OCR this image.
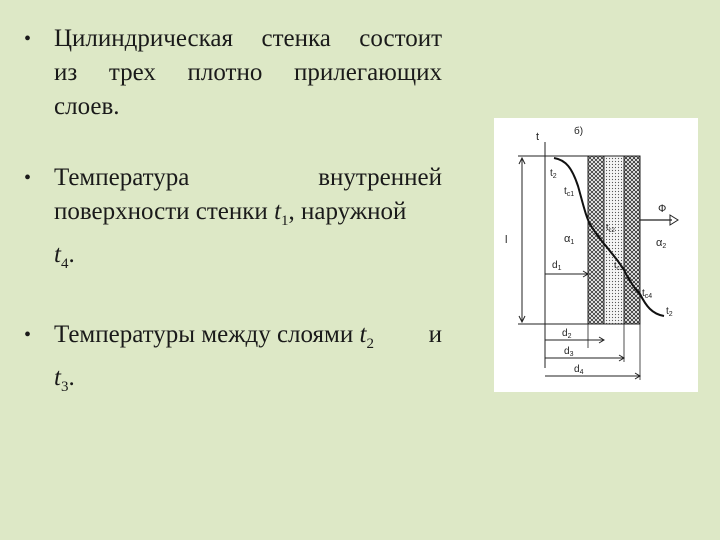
• Цилиндрическая стенка состоит
из трех плотно прилегающих
слоев.
• Температура	внутренней
поверхности стенки $t_1$, наружной
$t_4$.
• Температуры между слоями $t_2$ и
$t_3$.
t	б)
l
$t_2$
$t_{c1}$
$t_{c2}$
$t_{c3}$
$t_{c4}$
$t_2$
α1
Ф
α2
$d_1$
$d_2$
$d_3$
$d_4$
